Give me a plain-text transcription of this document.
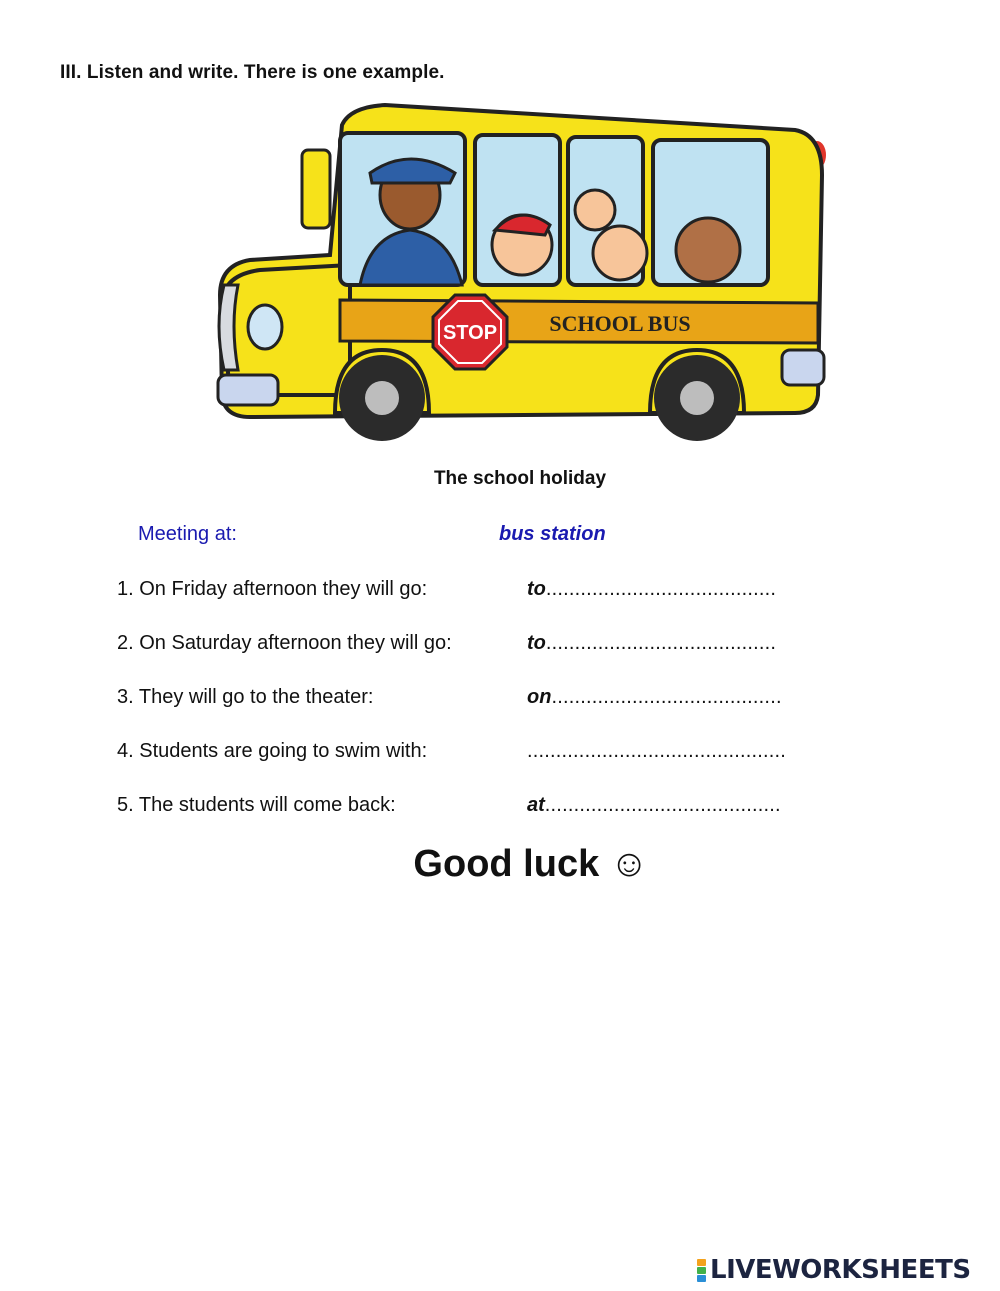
III. Listen and write. There is one example.
STOP SCHOOL BUS
The school holiday
Meeting at:	bus station
1. On Friday afternoon they will go:	to........................................
2. On Saturday afternoon they will go:	to........................................
3. They will go to the theater:	on........................................
4. Students are going to swim with:	.............................................
5. The students will come back:	at.........................................
Good luck ☺
LIVEWORKSHEETS
